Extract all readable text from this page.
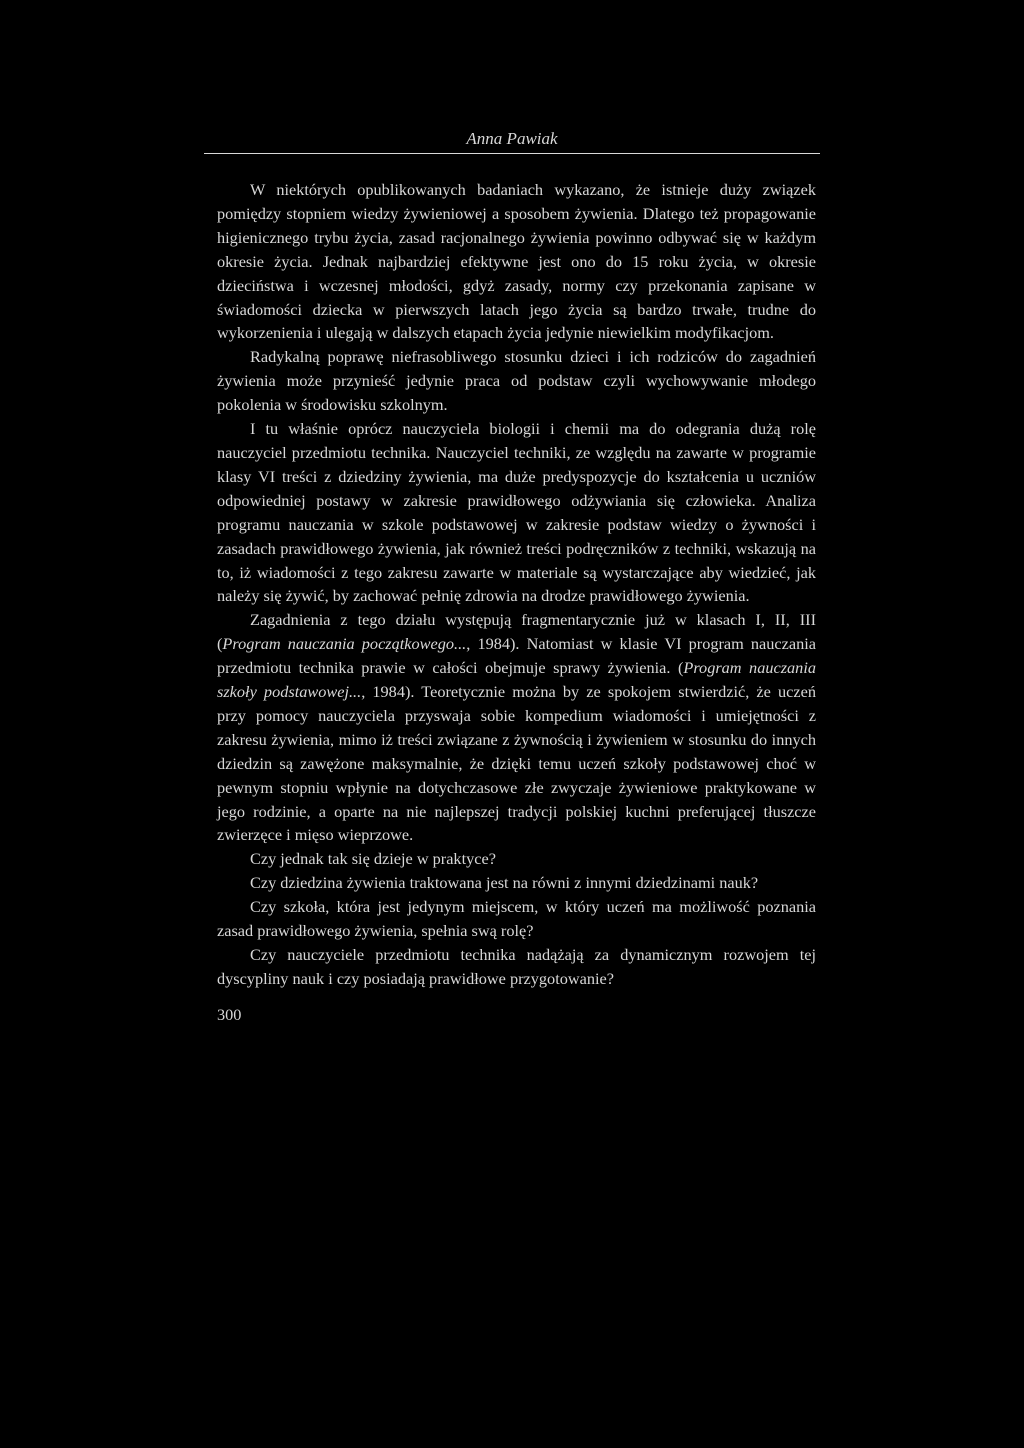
Anna Pawiak

W niektórych opublikowanych badaniach wykazano, że istnieje duży związek pomiędzy stopniem wiedzy żywieniowej a sposobem żywienia. Dlatego też propagowanie higienicznego trybu życia, zasad racjonalnego żywienia powinno odbywać się w każdym okresie życia. Jednak najbardziej efektywne jest ono do 15 roku życia, w okresie dzieciństwa i wczesnej młodości, gdyż zasady, normy czy przekonania zapisane w świadomości dziecka w pierwszych latach jego życia są bardzo trwałe, trudne do wykorzenienia i ulegają w dalszych etapach życia jedynie niewielkim modyfikacjom.

Radykalną poprawę niefrasobliwego stosunku dzieci i ich rodziców do zagadnień żywienia może przynieść jedynie praca od podstaw czyli wychowywanie młodego pokolenia w środowisku szkolnym.

I tu właśnie oprócz nauczyciela biologii i chemii ma do odegrania dużą rolę nauczyciel przedmiotu technika. Nauczyciel techniki, ze względu na zawarte w programie klasy VI treści z dziedziny żywienia, ma duże predyspozycje do kształcenia u uczniów odpowiedniej postawy w zakresie prawidłowego odżywiania się człowieka. Analiza programu nauczania w szkole podstawowej w zakresie podstaw wiedzy o żywności i zasadach prawidłowego żywienia, jak również treści podręczników z techniki, wskazują na to, iż wiadomości z tego zakresu zawarte w materiale są wystarczające aby wiedzieć, jak należy się żywić, by zachować pełnię zdrowia na drodze prawidłowego żywienia.

Zagadnienia z tego działu występują fragmentarycznie już w klasach I, II, III (Program nauczania początkowego..., 1984). Natomiast w klasie VI program nauczania przedmiotu technika prawie w całości obejmuje sprawy żywienia. (Program nauczania szkoły podstawowej..., 1984). Teoretycznie można by ze spokojem stwierdzić, że uczeń przy pomocy nauczyciela przyswaja sobie kompedium wiadomości i umiejętności z zakresu żywienia, mimo iż treści związane z żywnością i żywieniem w stosunku do innych dziedzin są zawężone maksymalnie, że dzięki temu uczeń szkoły podstawowej choć w pewnym stopniu wpłynie na dotychczasowe złe zwyczaje żywieniowe praktykowane w jego rodzinie, a oparte na nie najlepszej tradycji polskiej kuchni preferującej tłuszcze zwierzęce i mięso wieprzowe.

Czy jednak tak się dzieje w praktyce?

Czy dziedzina żywienia traktowana jest na równi z innymi dziedzinami nauk?

Czy szkoła, która jest jedynym miejscem, w który uczeń ma możliwość poznania zasad prawidłowego żywienia, spełnia swą rolę?

Czy nauczyciele przedmiotu technika nadążają za dynamicznym rozwojem tej dyscypliny nauk i czy posiadają prawidłowe przygotowanie?

300
